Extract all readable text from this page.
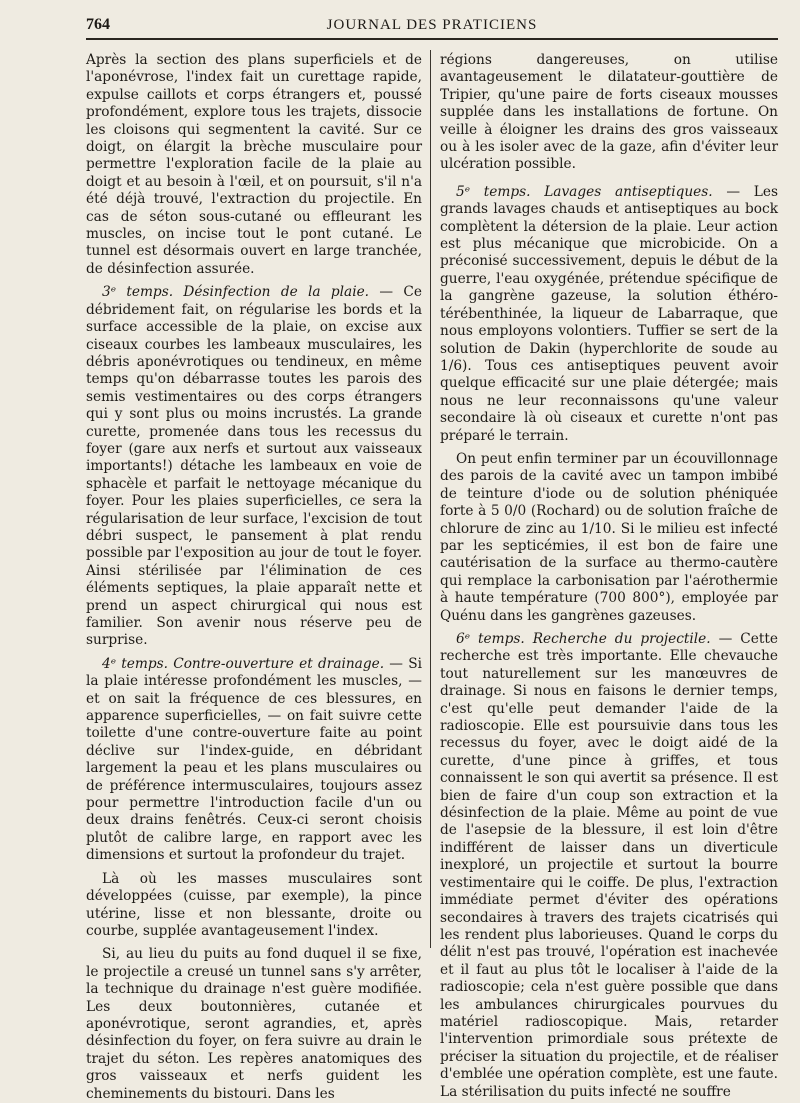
764	JOURNAL DES PRATICIENS

Après la section des plans superficiels et de l'aponévrose, l'index fait un curettage rapide, expulse caillots et corps étrangers et, poussé profondément, explore tous les trajets, dissocie les cloisons qui segmentent la cavité. Sur ce doigt, on élargit la brèche musculaire pour permettre l'exploration facile de la plaie au doigt et au besoin à l'œil, et on poursuit, s'il n'a été déjà trouvé, l'extraction du projectile. En cas de séton sous-cutané ou effleurant les muscles, on incise tout le pont cutané. Le tunnel est désormais ouvert en large tranchée, de désinfection assurée.

3ᵉ temps. Désinfection de la plaie. — Ce débridement fait, on régularise les bords et la surface accessible de la plaie, on excise aux ciseaux courbes les lambeaux musculaires, les débris aponévrotiques ou tendineux, en même temps qu'on débarrasse toutes les parois des semis vestimentaires ou des corps étrangers qui y sont plus ou moins incrustés. La grande curette, promenée dans tous les recessus du foyer (gare aux nerfs et surtout aux vaisseaux importants!) détache les lambeaux en voie de sphacèle et parfait le nettoyage mécanique du foyer. Pour les plaies superficielles, ce sera la régularisation de leur surface, l'excision de tout débri suspect, le pansement à plat rendu possible par l'exposition au jour de tout le foyer. Ainsi stérilisée par l'élimination de ces éléments septiques, la plaie apparaît nette et prend un aspect chirurgical qui nous est familier. Son avenir nous réserve peu de surprise.

4ᵉ temps. Contre-ouverture et drainage. — Si la plaie intéresse profondément les muscles, — et on sait la fréquence de ces blessures, en apparence superficielles, — on fait suivre cette toilette d'une contre-ouverture faite au point déclive sur l'index-guide, en débridant largement la peau et les plans musculaires ou de préférence intermusculaires, toujours assez pour permettre l'introduction facile d'un ou deux drains fenêtrés. Ceux-ci seront choisis plutôt de calibre large, en rapport avec les dimensions et surtout la profondeur du trajet.

Là où les masses musculaires sont développées (cuisse, par exemple), la pince utérine, lisse et non blessante, droite ou courbe, supplée avantageusement l'index.

Si, au lieu du puits au fond duquel il se fixe, le projectile a creusé un tunnel sans s'y arrêter, la technique du drainage n'est guère modifiée. Les deux boutonnières, cutanée et aponévrotique, seront agrandies, et, après désinfection du foyer, on fera suivre au drain le trajet du séton. Les repères anatomiques des gros vaisseaux et nerfs guident les cheminements du bistouri. Dans les

régions dangereuses, on utilise avantageusement le dilatateur-gouttière de Tripier, qu'une paire de forts ciseaux mousses supplée dans les installations de fortune. On veille à éloigner les drains des gros vaisseaux ou à les isoler avec de la gaze, afin d'éviter leur ulcération possible.

5ᵉ temps. Lavages antiseptiques. — Les grands lavages chauds et antiseptiques au bock complètent la détersion de la plaie. Leur action est plus mécanique que microbicide. On a préconisé successivement, depuis le début de la guerre, l'eau oxygénée, prétendue spécifique de la gangrène gazeuse, la solution éthéro-térébenthinée, la liqueur de Labarraque, que nous employons volontiers. Tuffier se sert de la solution de Dakin (hyperchlorite de soude au 1/6). Tous ces antiseptiques peuvent avoir quelque efficacité sur une plaie détergée; mais nous ne leur reconnaissons qu'une valeur secondaire là où ciseaux et curette n'ont pas préparé le terrain.

On peut enfin terminer par un écouvillonnage des parois de la cavité avec un tampon imbibé de teinture d'iode ou de solution phéniquée forte à 5 0/0 (Rochard) ou de solution fraîche de chlorure de zinc au 1/10. Si le milieu est infecté par les septicémies, il est bon de faire une cautérisation de la surface au thermo-cautère qui remplace la carbonisation par l'aérothermie à haute température (700 800°), employée par Quénu dans les gangrènes gazeuses.

6ᵉ temps. Recherche du projectile. — Cette recherche est très importante. Elle chevauche tout naturellement sur les manœuvres de drainage. Si nous en faisons le dernier temps, c'est qu'elle peut demander l'aide de la radioscopie. Elle est poursuivie dans tous les recessus du foyer, avec le doigt aidé de la curette, d'une pince à griffes, et tous connaissent le son qui avertit sa présence. Il est bien de faire d'un coup son extraction et la désinfection de la plaie. Même au point de vue de l'asepsie de la blessure, il est loin d'être indifférent de laisser dans un diverticule inexploré, un projectile et surtout la bourre vestimentaire qui le coiffe. De plus, l'extraction immédiate permet d'éviter des opérations secondaires à travers des trajets cicatrisés qui les rendent plus laborieuses. Quand le corps du délit n'est pas trouvé, l'opération est inachevée et il faut au plus tôt le localiser à l'aide de la radioscopie; cela n'est guère possible que dans les ambulances chirurgicales pourvues du matériel radioscopique. Mais, retarder l'intervention primordiale sous prétexte de préciser la situation du projectile, et de réaliser d'emblée une opération complète, est une faute. La stérilisation du puits infecté ne souffre
